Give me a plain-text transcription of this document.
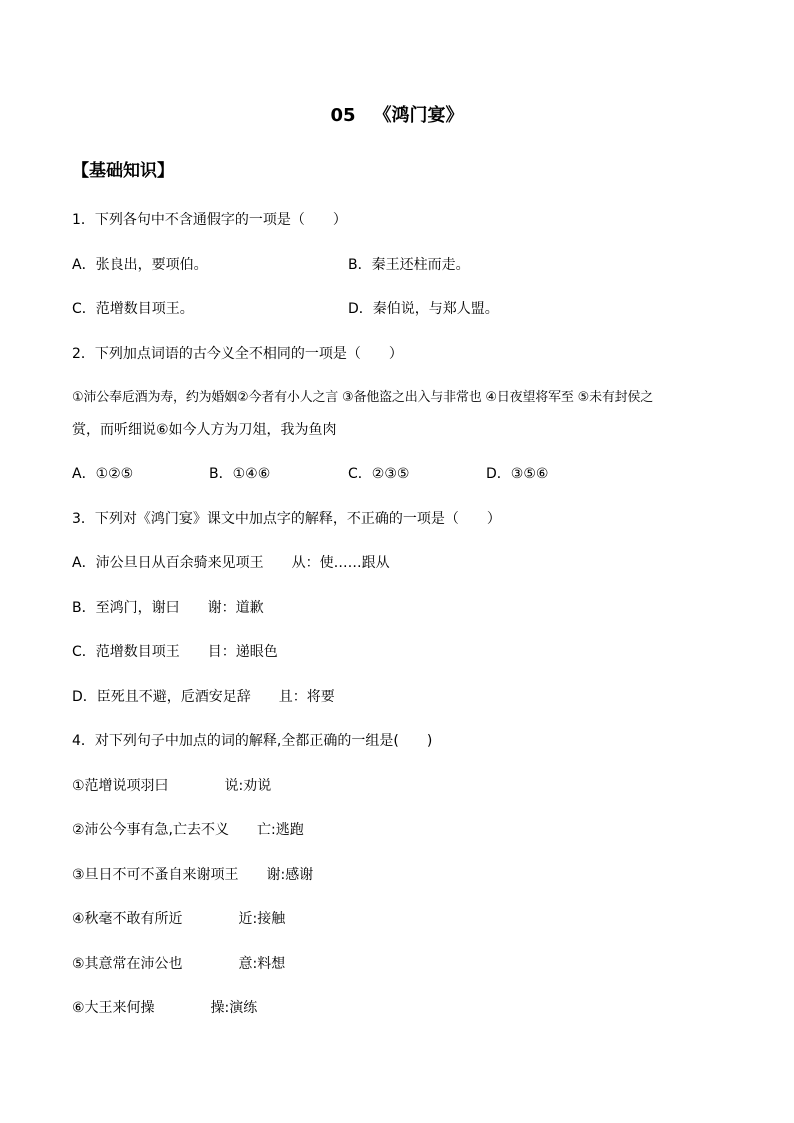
05 《鸿门宴》
【基础知识】
1．下列各句中不含通假字的一项是（　　）
A．张良出，要项伯。	B．秦王还柱而走。
C．范增数目项王。	D．秦伯说，与郑人盟。
2．下列加点词语的古今义全不相同的一项是（　　）
①沛公奉卮酒为寿，约为婚姻②今者有小人之言 ③备他盗之出入与非常也 ④日夜望将军至 ⑤未有封侯之
赏，而听细说⑥如今人方为刀俎，我为鱼肉
A．①②⑤	B．①④⑥	C．②③⑤	D．③⑤⑥
3．下列对《鸿门宴》课文中加点字的解释，不正确的一项是（　　）
A．沛公旦日从百余骑来见项王　　从：使……跟从
B．至鸿门，谢曰　　谢：道歉
C．范增数目项王　　目：递眼色
D．臣死且不避，卮酒安足辞　　且：将要
4．对下列句子中加点的词的解释,全都正确的一组是(　　)
①范增说项羽曰　　　　说:劝说
②沛公今事有急,亡去不义　　亡:逃跑
③旦日不可不蚤自来谢项王　　谢:感谢
④秋毫不敢有所近　　　　近:接触
⑤其意常在沛公也　　　　意:料想
⑥大王来何操　　　　操:演练
